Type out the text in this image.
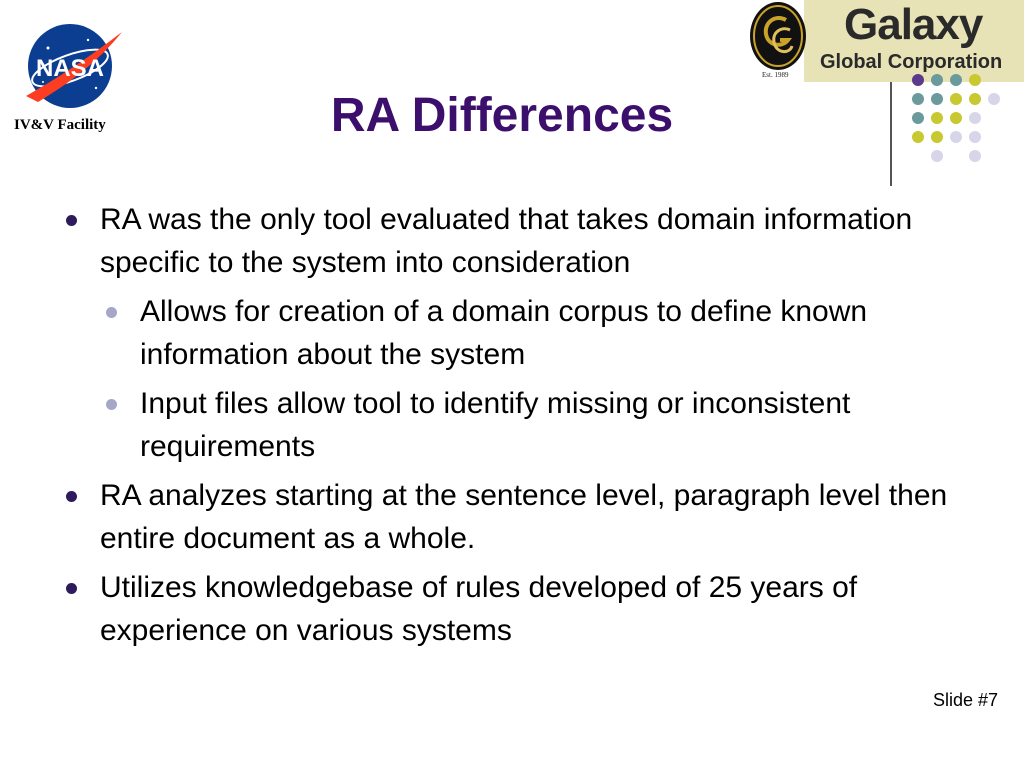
NASA
IV&V Facility
Est. 1989
Galaxy
Global Corporation
RA Differences
RA was the only tool evaluated that takes domain information specific to the system into consideration
Allows for creation of a domain corpus to define known information about the system
Input files allow tool to identify missing or inconsistent requirements
RA analyzes starting at the sentence level, paragraph level then entire document as a whole.
Utilizes knowledgebase of rules developed of 25 years of experience on various systems
Slide #7
